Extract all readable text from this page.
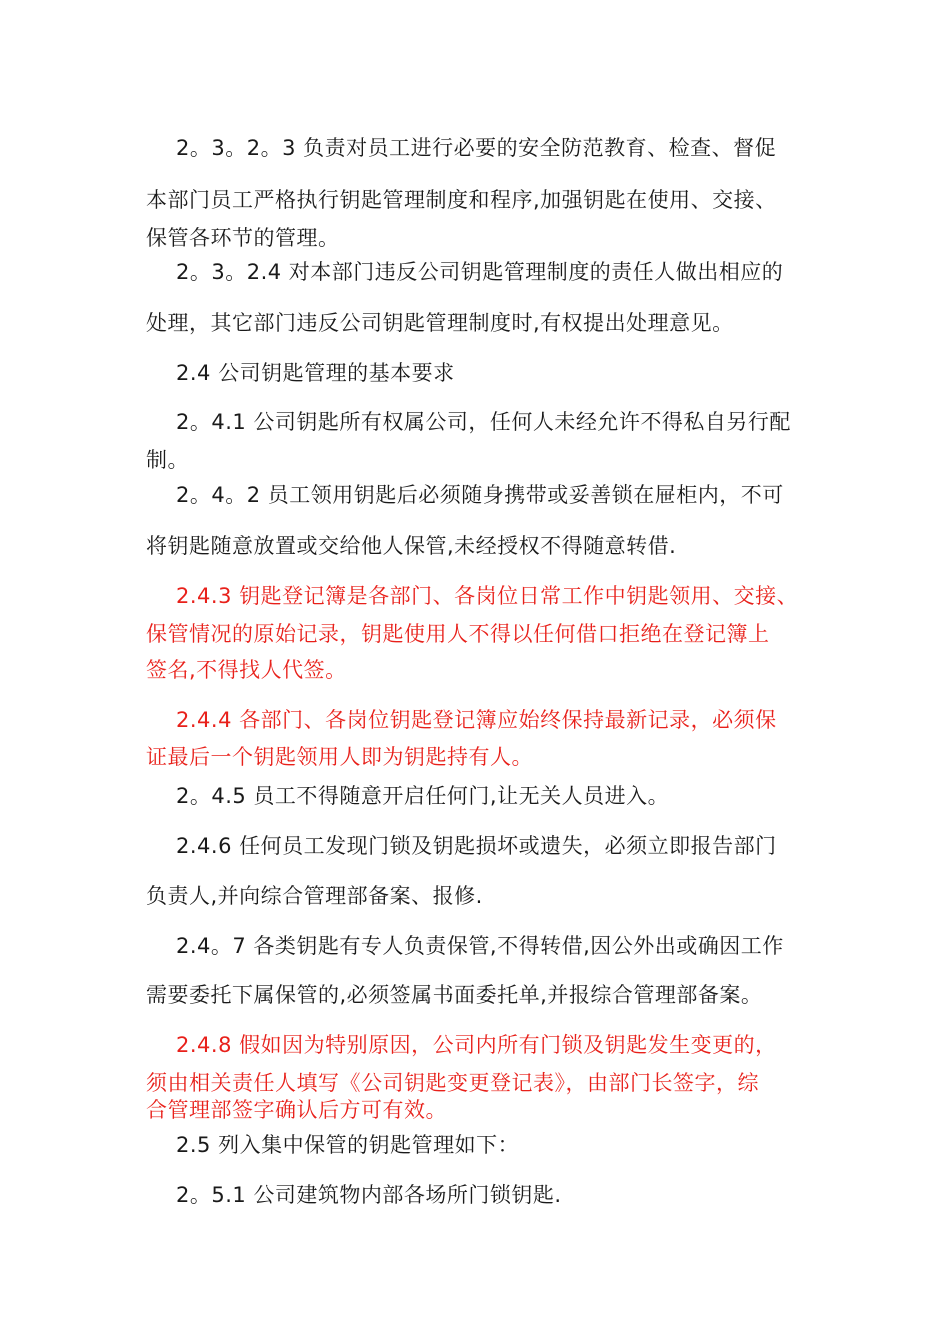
2。3。2。3 负责对员工进行必要的安全防范教育、检查、督促
本部门员工严格执行钥匙管理制度和程序,加强钥匙在使用、交接、
保管各环节的管理。
2。3。2.4 对本部门违反公司钥匙管理制度的责任人做出相应的
处理，其它部门违反公司钥匙管理制度时,有权提出处理意见。
2.4 公司钥匙管理的基本要求
2。4.1 公司钥匙所有权属公司，任何人未经允许不得私自另行配
制。
2。4。2 员工领用钥匙后必须随身携带或妥善锁在屉柜内，不可
将钥匙随意放置或交给他人保管,未经授权不得随意转借.
2.4.3 钥匙登记簿是各部门、各岗位日常工作中钥匙领用、交接、
保管情况的原始记录，钥匙使用人不得以任何借口拒绝在登记簿上
签名,不得找人代签。
2.4.4 各部门、各岗位钥匙登记簿应始终保持最新记录，必须保
证最后一个钥匙领用人即为钥匙持有人。
2。4.5 员工不得随意开启任何门,让无关人员进入。
2.4.6 任何员工发现门锁及钥匙损坏或遗失，必须立即报告部门
负责人,并向综合管理部备案、报修.
2.4。7 各类钥匙有专人负责保管,不得转借,因公外出或确因工作
需要委托下属保管的,必须签属书面委托单,并报综合管理部备案。
2.4.8 假如因为特别原因，公司内所有门锁及钥匙发生变更的，
须由相关责任人填写《公司钥匙变更登记表》，由部门长签字，综
合管理部签字确认后方可有效。
2.5 列入集中保管的钥匙管理如下：
2。5.1 公司建筑物内部各场所门锁钥匙.
